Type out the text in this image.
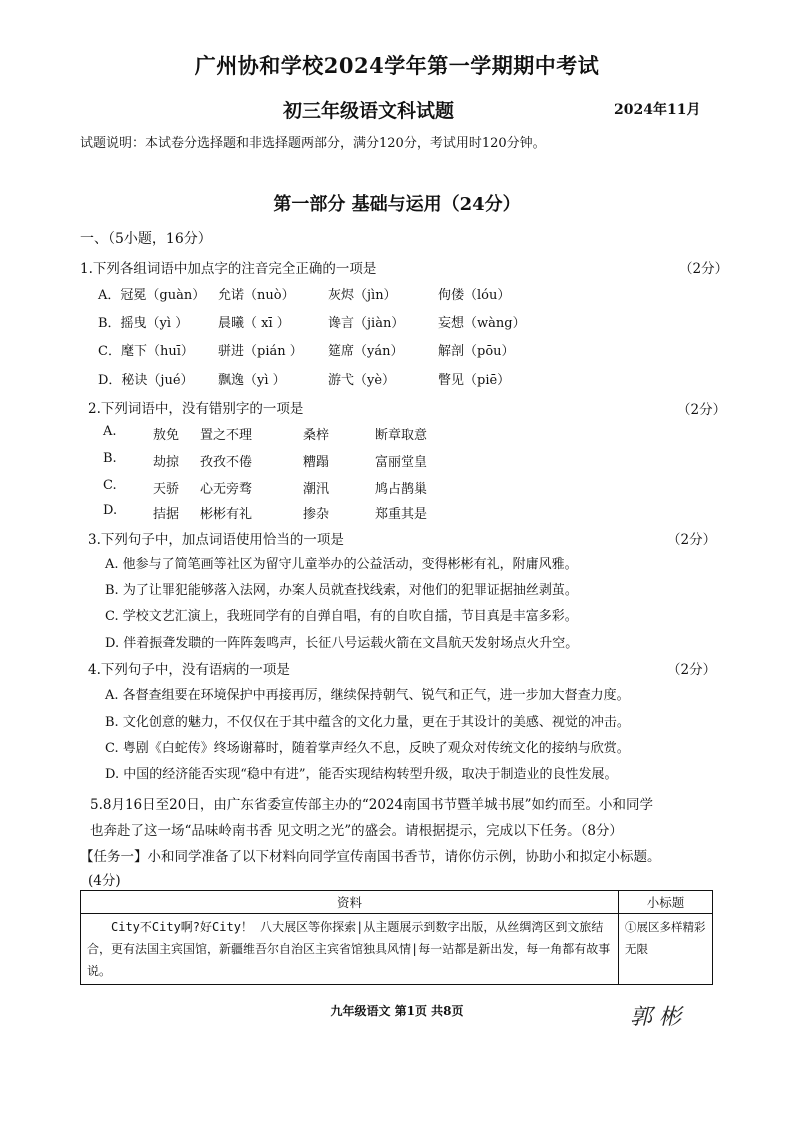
广州协和学校2024学年第一学期期中考试
初三年级语文科试题	2024年11月
试题说明：本试卷分选择题和非选择题两部分，满分120分，考试用时120分钟。
第一部分 基础与运用（24分）
一、（5小题，16分）
1.下列各组词语中加点字的注音完全正确的一项是	（2分）
A．冠冕（guàn） 允诺（nuò）	灰烬（jìn）	佝偻（lóu）
B．摇曳（yì ） 晨曦（ xī ）	谗言（jiàn）	妄想（wàng）
C．麾下（huī） 骈进（pián ） 筵席（yán）	解剖（pōu）
D．秘诀（jué） 飘逸（yì ）	游弋（yè）	瞥见（piē）
2.下列词语中，没有错别字的一项是	（2分）
A.	敖免 置之不理	桑梓	断章取意
B.	劫掠 孜孜不倦	糟蹋	富丽堂皇
C.	天骄 心无旁骛	潮汛	鸠占鹊巢
D.	拮据 彬彬有礼	掺杂	郑重其是
3.下列句子中，加点词语使用恰当的一项是	（2分）
A. 他参与了简笔画等社区为留守儿童举办的公益活动，变得彬彬有礼，附庸风雅。
B. 为了让罪犯能够落入法网，办案人员就查找线索，对他们的犯罪证据抽丝剥茧。
C. 学校文艺汇演上，我班同学有的自弹自唱，有的自吹自擂，节目真是丰富多彩。
D. 伴着振聋发聩的一阵阵轰鸣声，长征八号运载火箭在文昌航天发射场点火升空。
4.下列句子中，没有语病的一项是	（2分）
A. 各督查组要在环境保护中再接再厉，继续保持朝气、锐气和正气，进一步加大督查力度。
B. 文化创意的魅力，不仅仅在于其中蕴含的文化力量，更在于其设计的美感、视觉的冲击。
C. 粤剧《白蛇传》终场谢幕时，随着掌声经久不息，反映了观众对传统文化的接纳与欣赏。
D. 中国的经济能否实现“稳中有进”，能否实现结构转型升级，取决于制造业的良性发展。
5.8月16日至20日，由广东省委宣传部主办的“2024南国书节暨羊城书展”如约而至。小和同学
也奔赴了这一场“品味岭南书香 见文明之光”的盛会。请根据提示，完成以下任务。（8分）
【任务一】小和同学准备了以下材料向同学宣传南国书香节，请你仿示例，协助小和拟定小标题。
(4分)
资料	小标题
City不City啊?好City！ 八大展区等你探索|从主题展示到数字出版，从丝绸湾区到文旅结合，更有法国主宾国馆，新疆维吾尔自治区主宾省馆独具风情|每一站都是新出发，每一角都有故事说。	①展区多样精彩无限
九年级语文 第1页 共8页	郭 彬
